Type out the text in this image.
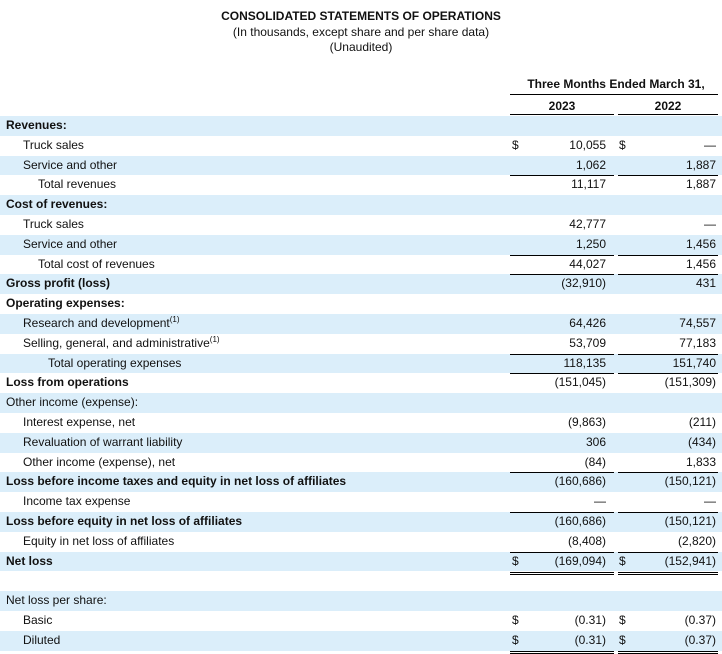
CONSOLIDATED STATEMENTS OF OPERATIONS
(In thousands, except share and per share data)
(Unaudited)
Three Months Ended March 31,
2023	2022
Revenues:
Truck sales	$	10,055 $	—
Service and other	1,062	1,887
Total revenues	11,117	1,887
Cost of revenues:
Truck sales	42,777	—
Service and other	1,250	1,456
Total cost of revenues	44,027	1,456
Gross profit (loss)	(32,910)	431
Operating expenses:
Research and development$^{(1)}$	64,426	74,557
Selling, general, and administrative$^{(1)}$	53,709	77,183
Total operating expenses	118,135	151,740
Loss from operations	(151,045)	(151,309)
Other income (expense):
Interest expense, net	(9,863)	(211)
Revaluation of warrant liability	306	(434)
Other income (expense), net	(84)	1,833
Loss before income taxes and equity in net loss of affiliates	(160,686)	(150,121)
Income tax expense	—	—
Loss before equity in net loss of affiliates	(160,686)	(150,121)
Equity in net loss of affiliates	(8,408)	(2,820)
Net loss	$	(169,094) $	(152,941)
Net loss per share:
Basic	$	(0.31) $	(0.37)
Diluted	$	(0.31) $	(0.37)
